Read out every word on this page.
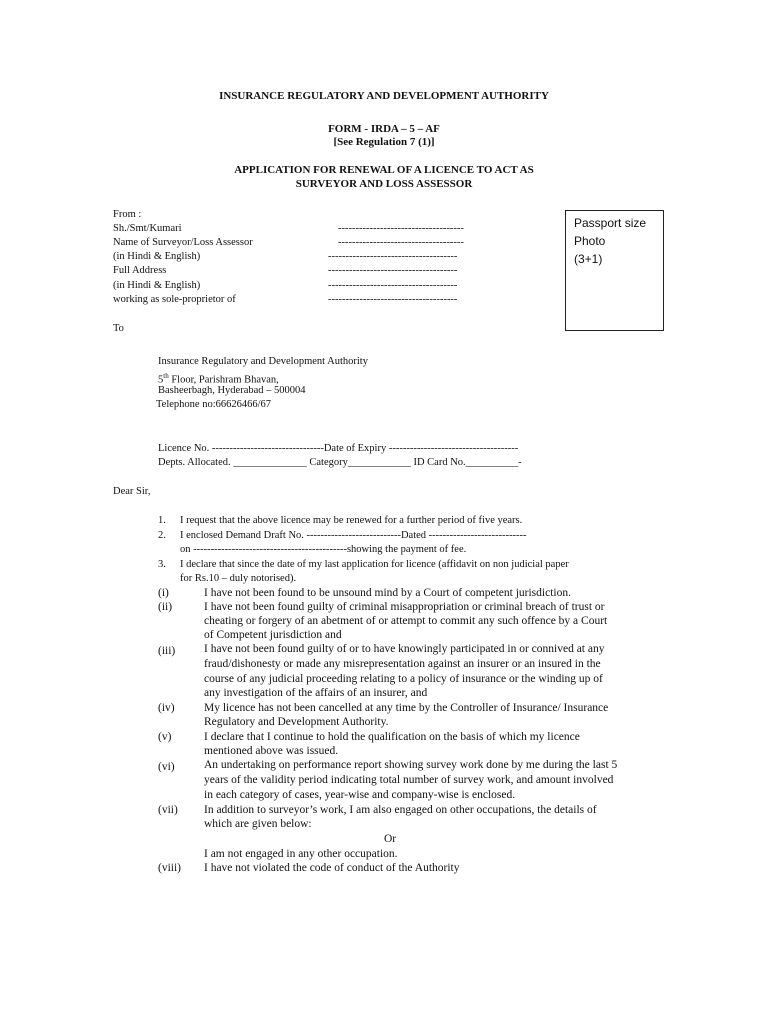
INSURANCE REGULATORY AND DEVELOPMENT AUTHORITY
FORM - IRDA – 5 – AF
[See Regulation 7 (1)]
APPLICATION FOR RENEWAL OF A LICENCE TO ACT AS
SURVEYOR AND LOSS ASSESSOR
From :
Sh./Smt/Kumari	------------------------------------
Name of Surveyor/Loss Assessor	------------------------------------
(in Hindi & English)	-------------------------------------
Full Address	-------------------------------------
(in Hindi & English)	-------------------------------------
working as sole-proprietor of	-------------------------------------
Passport size
Photo
(3+1)
To
Insurance Regulatory and Development Authority
5th Floor, Parishram Bhavan,
Basheerbagh, Hyderabad – 500004
Telephone no:66626466/67
Licence No. --------------------------------Date of Expiry -------------------------------------
Depts. Allocated. ______________ Category____________ ID Card No.__________-
Dear Sir,
1. I request that the above licence may be renewed for a further period of five years.
2. I enclosed Demand Draft No. ---------------------------Dated ----------------------------
on --------------------------------------------showing the payment of fee.
3. I declare that since the date of my last application for licence (affidavit on non judicial paper
for Rs.10 – duly notorised).
(i)	I have not been found to be unsound mind by a Court of competent jurisdiction.
(ii)	I have not been found guilty of criminal misappropriation or criminal breach of trust or
cheating or forgery of an abetment of or attempt to commit any such offence by a Court
of Competent jurisdiction and
(iii)	I have not been found guilty of or to have knowingly participated in or connived at any
fraud/dishonesty or made any misrepresentation against an insurer or an insured in the
course of any judicial proceeding relating to a policy of insurance or the winding up of
any investigation of the affairs of an insurer, and
(iv)	My licence has not been cancelled at any time by the Controller of Insurance/ Insurance
Regulatory and Development Authority.
(v)	I declare that I continue to hold the qualification on the basis of which my licence
mentioned above was issued.
(vi)	An undertaking on performance report showing survey work done by me during the last 5
years of the validity period indicating total number of survey work, and amount involved
in each category of cases, year-wise and company-wise is enclosed.
(vii) In addition to surveyor’s work, I am also engaged on other occupations, the details of
which are given below:
Or
I am not engaged in any other occupation.
(viii) I have not violated the code of conduct of the Authority
